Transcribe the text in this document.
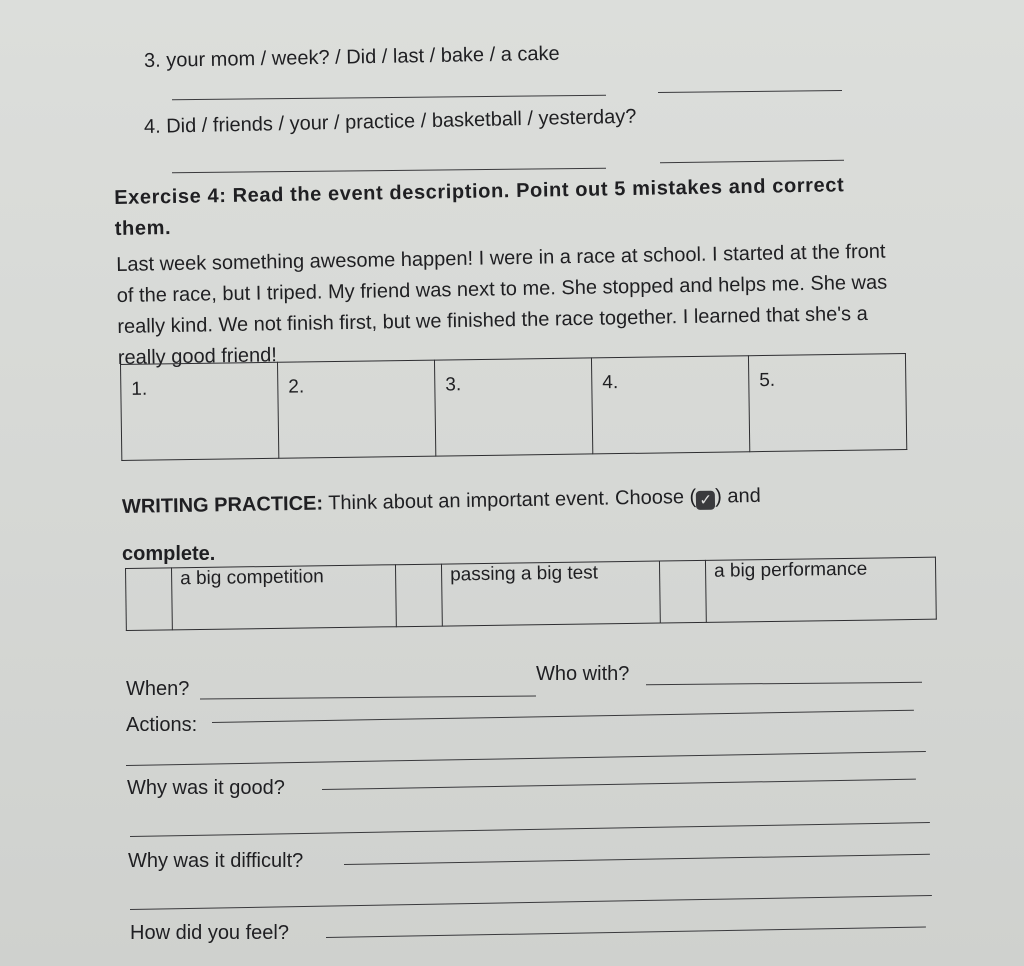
3. your mom / week? / Did / last / bake / a cake
4. Did / friends / your / practice / basketball / yesterday?
Exercise 4: Read the event description. Point out 5 mistakes and correct them.

Last week something awesome happen! I were in a race at school. I started at the front of the race, but I triped. My friend was next to me. She stopped and helps me. She was really kind. We not finish first, but we finished the race together. I learned that she's a really good friend!

1.	2.	3.	4.	5.
WRITING PRACTICE: Think about an important event. Choose ( ✓ ) and
complete.
	a big competition		passing a big test		a big performance
When?
Who with?
Actions:
Why was it good?
Why was it difficult?
How did you feel?
